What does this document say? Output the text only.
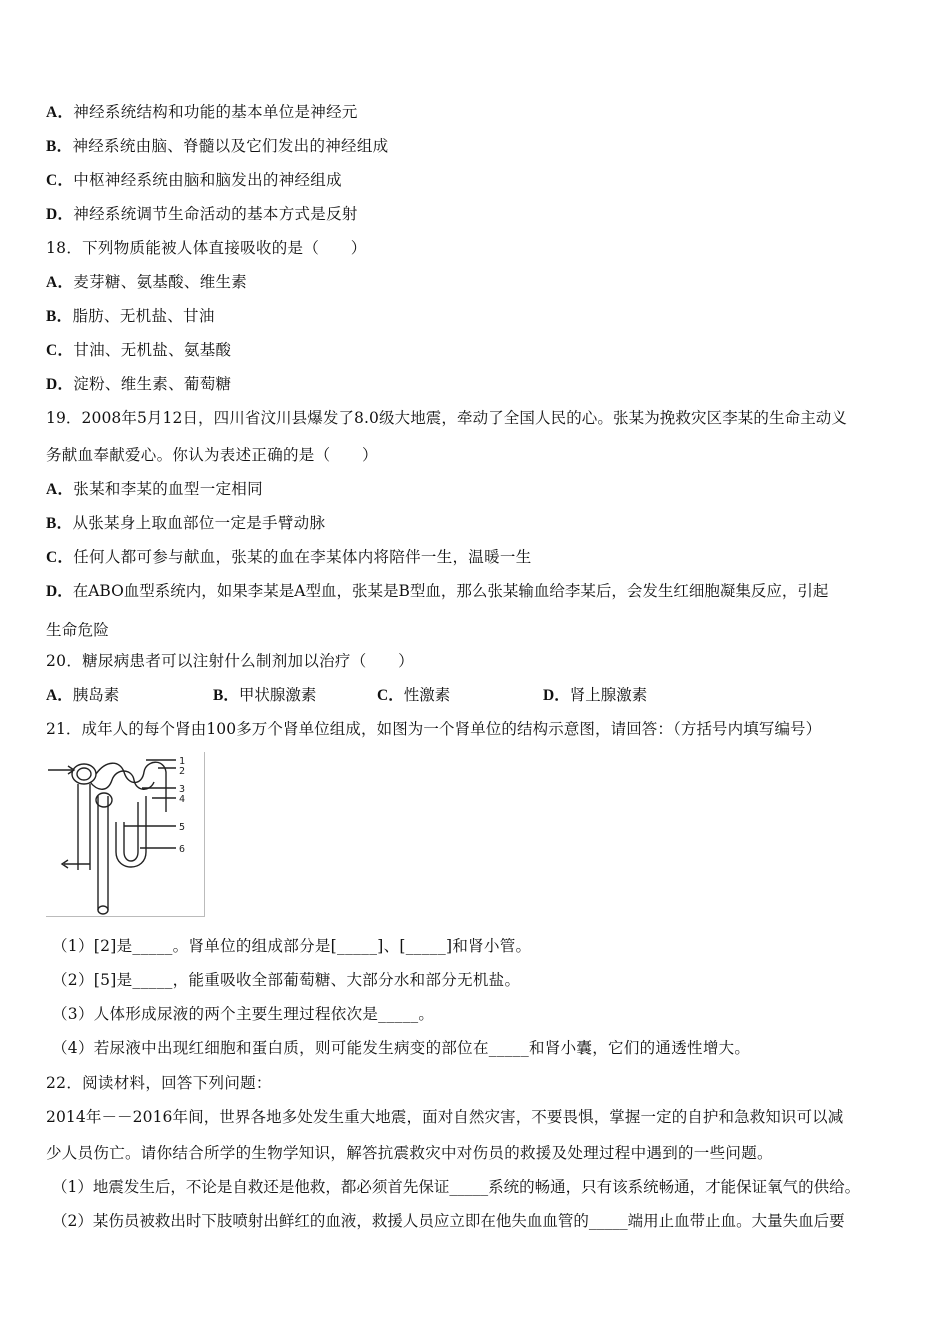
A．神经系统结构和功能的基本单位是神经元
B．神经系统由脑、脊髓以及它们发出的神经组成
C．中枢神经系统由脑和脑发出的神经组成
D．神经系统调节生命活动的基本方式是反射
18．下列物质能被人体直接吸收的是（　　）
A．麦芽糖、氨基酸、维生素
B．脂肪、无机盐、甘油
C．甘油、无机盐、氨基酸
D．淀粉、维生素、葡萄糖
19．2008年5月12日，四川省汶川县爆发了8.0级大地震，牵动了全国人民的心。张某为挽救灾区李某的生命主动义
务献血奉献爱心。你认为表述正确的是（　　）
A．张某和李某的血型一定相同
B．从张某身上取血部位一定是手臂动脉
C．任何人都可参与献血，张某的血在李某体内将陪伴一生，温暖一生
D．在ABO血型系统内，如果李某是A型血，张某是B型血，那么张某输血给李某后，会发生红细胞凝集反应，引起
生命危险
20．糖尿病患者可以注射什么制剂加以治疗（　　）
A．胰岛素	B．甲状腺激素	C．性激素	D．肾上腺激素
21．成年人的每个肾由100多万个肾单位组成，如图为一个肾单位的结构示意图，请回答：（方括号内填写编号）
1
2
3
4
5
6
（1）[2]是_____。肾单位的组成部分是[_____]、[_____]和肾小管。
（2）[5]是_____，能重吸收全部葡萄糖、大部分水和部分无机盐。
（3）人体形成尿液的两个主要生理过程依次是_____。
（4）若尿液中出现红细胞和蛋白质，则可能发生病变的部位在_____和肾小囊，它们的通透性增大。
22．阅读材料，回答下列问题：
2014年－－2016年间，世界各地多处发生重大地震，面对自然灾害，不要畏惧，掌握一定的自护和急救知识可以减
少人员伤亡。请你结合所学的生物学知识，解答抗震救灾中对伤员的救援及处理过程中遇到的一些问题。
（1）地震发生后，不论是自救还是他救，都必须首先保证_____系统的畅通，只有该系统畅通，才能保证氧气的供给。
（2）某伤员被救出时下肢喷射出鲜红的血液，救援人员应立即在他失血血管的_____端用止血带止血。大量失血后要
